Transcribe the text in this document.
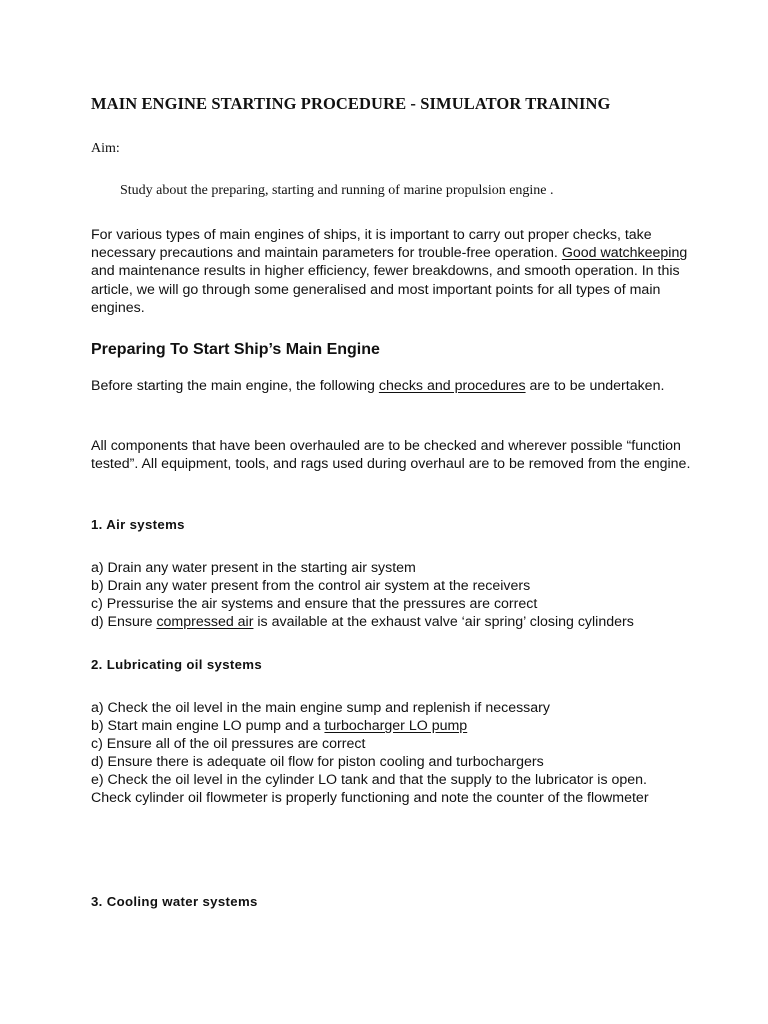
MAIN ENGINE STARTING PROCEDURE - SIMULATOR TRAINING

Aim:

Study about the preparing, starting and running of marine propulsion engine .

For various types of main engines of ships, it is important to carry out proper checks, take necessary precautions and maintain parameters for trouble-free operation. Good watchkeeping and maintenance results in higher efficiency, fewer breakdowns, and smooth operation. In this article, we will go through some generalised and most important points for all types of main engines.

Preparing To Start Ship’s Main Engine

Before starting the main engine, the following checks and procedures are to be undertaken.

All components that have been overhauled are to be checked and wherever possible “function tested”. All equipment, tools, and rags used during overhaul are to be removed from the engine.

1. Air systems
a) Drain any water present in the starting air system
b) Drain any water present from the control air system at the receivers
c) Pressurise the air systems and ensure that the pressures are correct
d) Ensure compressed air is available at the exhaust valve ‘air spring’ closing cylinders
2. Lubricating oil systems
a) Check the oil level in the main engine sump and replenish if necessary
b) Start main engine LO pump and a turbocharger LO pump
c) Ensure all of the oil pressures are correct
d) Ensure there is adequate oil flow for piston cooling and turbochargers
e) Check the oil level in the cylinder LO tank and that the supply to the lubricator is open. Check cylinder oil flowmeter is properly functioning and note the counter of the flowmeter
3. Cooling water systems
